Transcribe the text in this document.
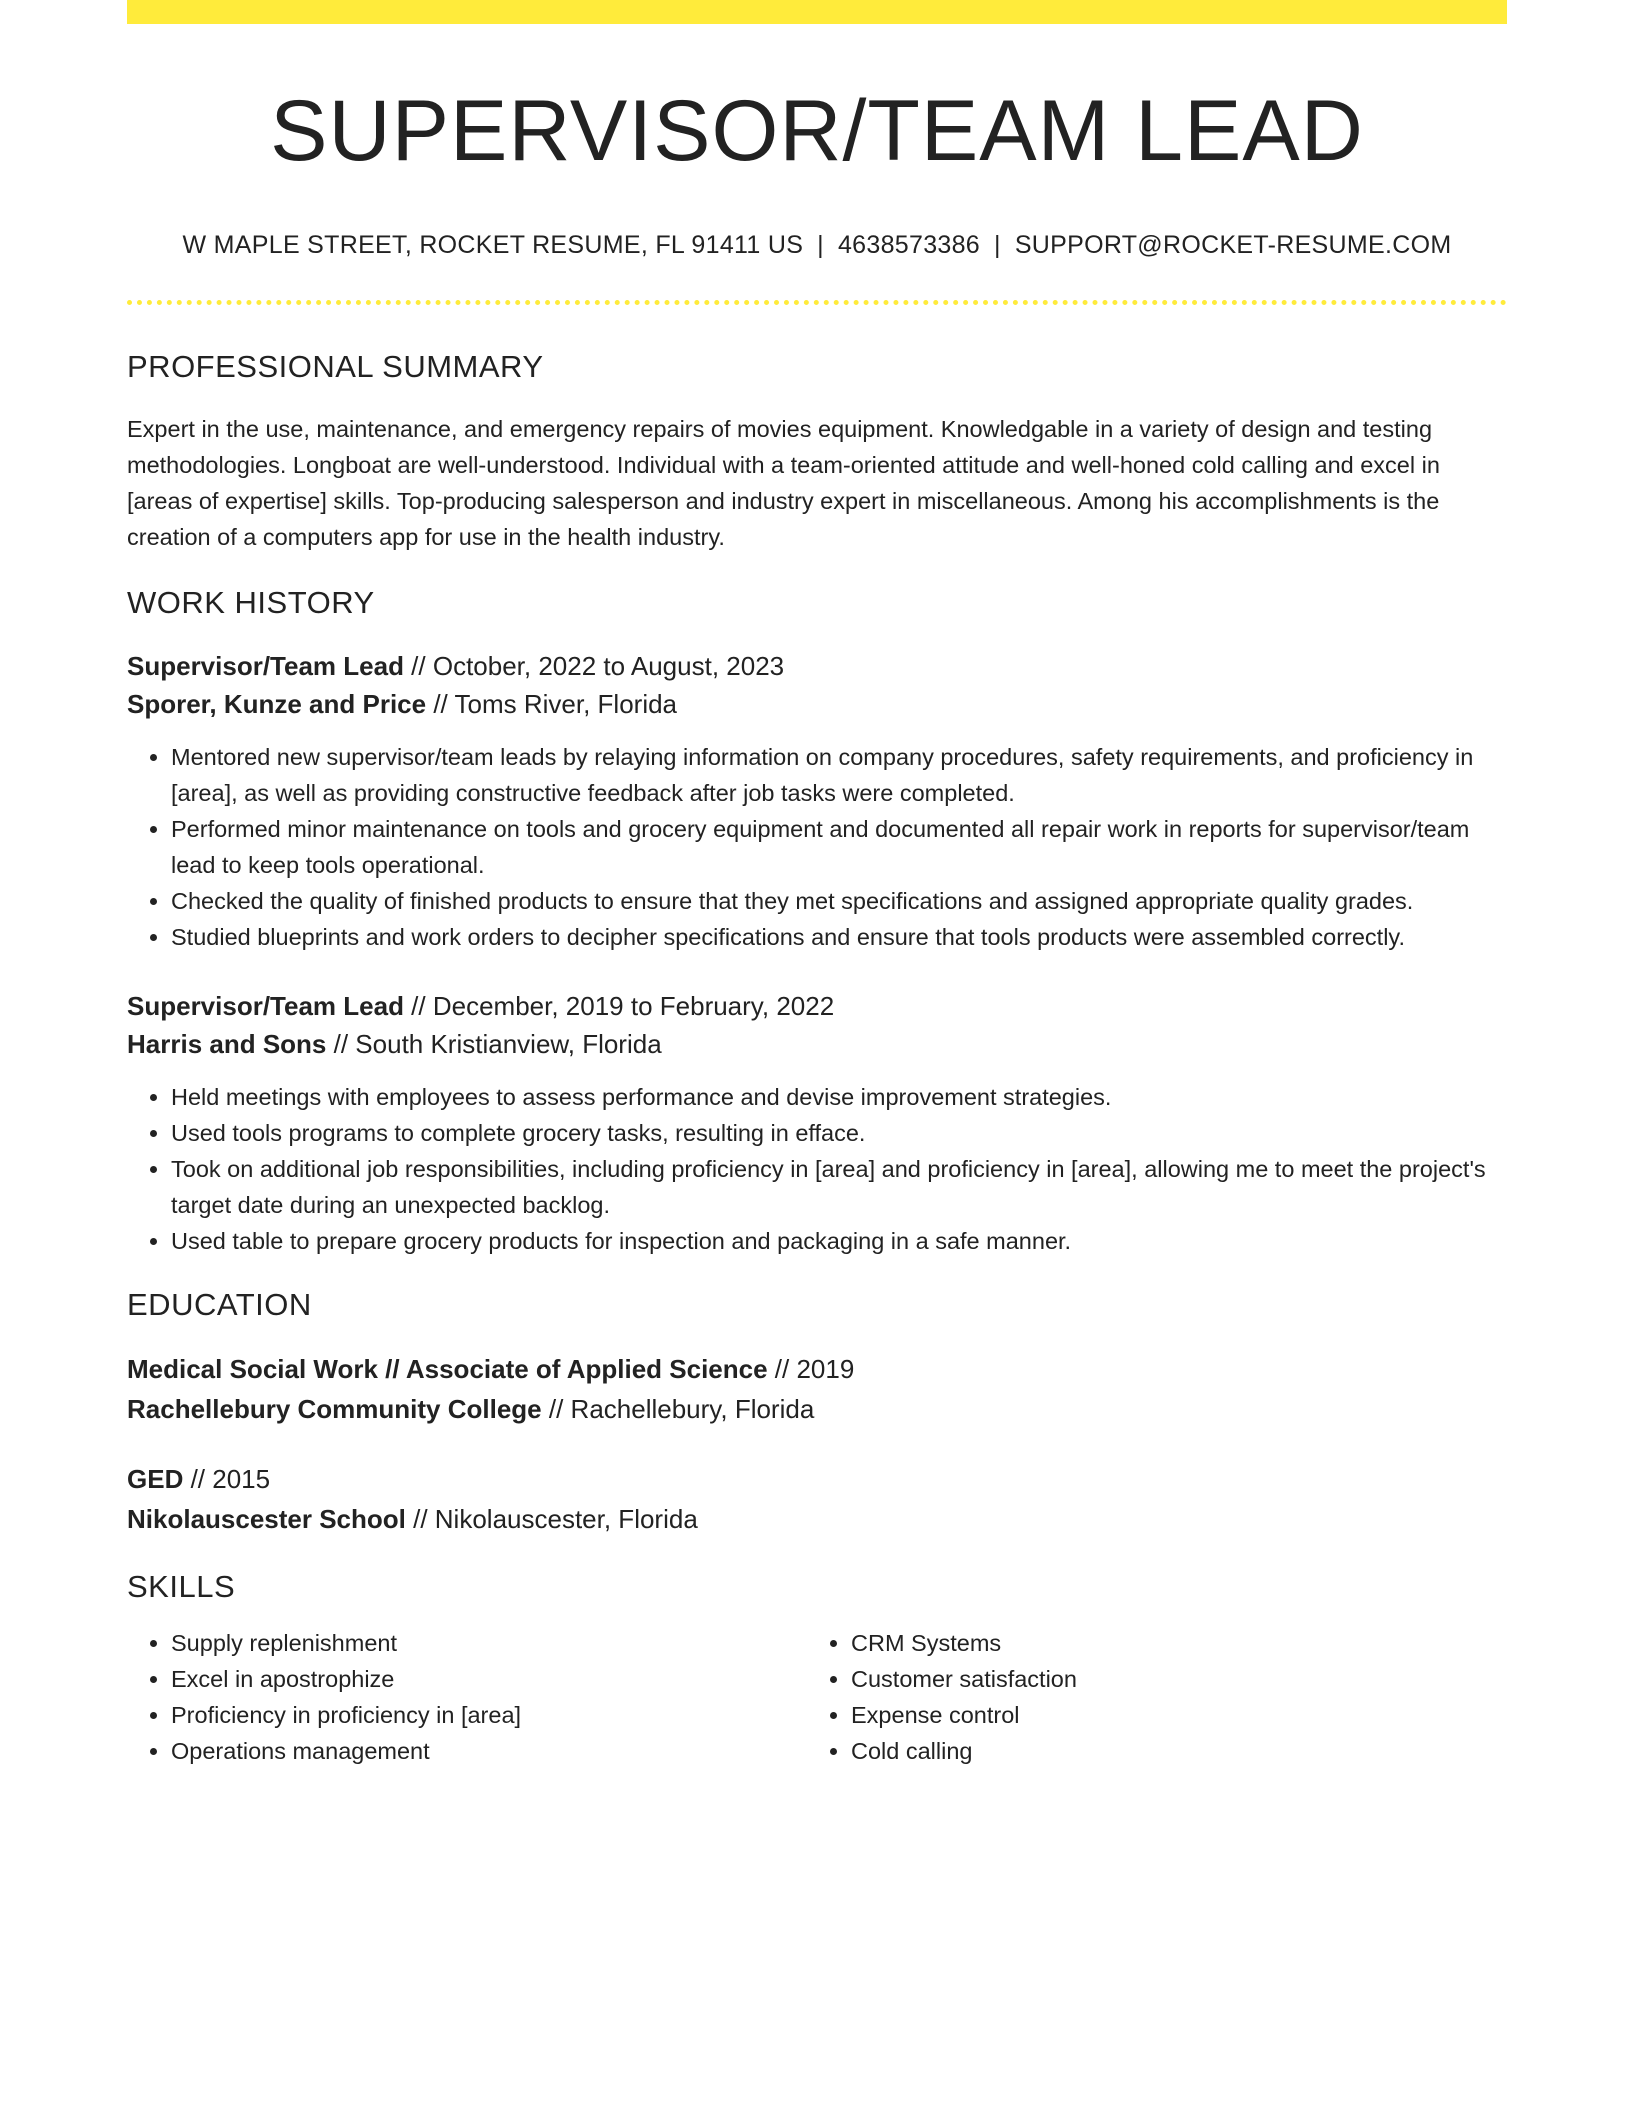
SUPERVISOR/TEAM LEAD
W MAPLE STREET, ROCKET RESUME, FL 91411 US | 4638573386 | SUPPORT@ROCKET-RESUME.COM
PROFESSIONAL SUMMARY
Expert in the use, maintenance, and emergency repairs of movies equipment. Knowledgable in a variety of design and testing methodologies. Longboat are well-understood. Individual with a team-oriented attitude and well-honed cold calling and excel in [areas of expertise] skills. Top-producing salesperson and industry expert in miscellaneous. Among his accomplishments is the creation of a computers app for use in the health industry.
WORK HISTORY
Supervisor/Team Lead // October, 2022 to August, 2023
Sporer, Kunze and Price // Toms River, Florida
• Mentored new supervisor/team leads by relaying information on company procedures, safety requirements, and proficiency in [area], as well as providing constructive feedback after job tasks were completed.
• Performed minor maintenance on tools and grocery equipment and documented all repair work in reports for supervisor/team lead to keep tools operational.
• Checked the quality of finished products to ensure that they met specifications and assigned appropriate quality grades.
• Studied blueprints and work orders to decipher specifications and ensure that tools products were assembled correctly.
Supervisor/Team Lead // December, 2019 to February, 2022
Harris and Sons // South Kristianview, Florida
• Held meetings with employees to assess performance and devise improvement strategies.
• Used tools programs to complete grocery tasks, resulting in efface.
• Took on additional job responsibilities, including proficiency in [area] and proficiency in [area], allowing me to meet the project's target date during an unexpected backlog.
• Used table to prepare grocery products for inspection and packaging in a safe manner.
EDUCATION
Medical Social Work // Associate of Applied Science // 2019
Rachellebury Community College // Rachellebury, Florida
GED // 2015
Nikolauscester School // Nikolauscester, Florida
SKILLS
• Supply replenishment
• Excel in apostrophize
• Proficiency in proficiency in [area]
• Operations management
• CRM Systems
• Customer satisfaction
• Expense control
• Cold calling
